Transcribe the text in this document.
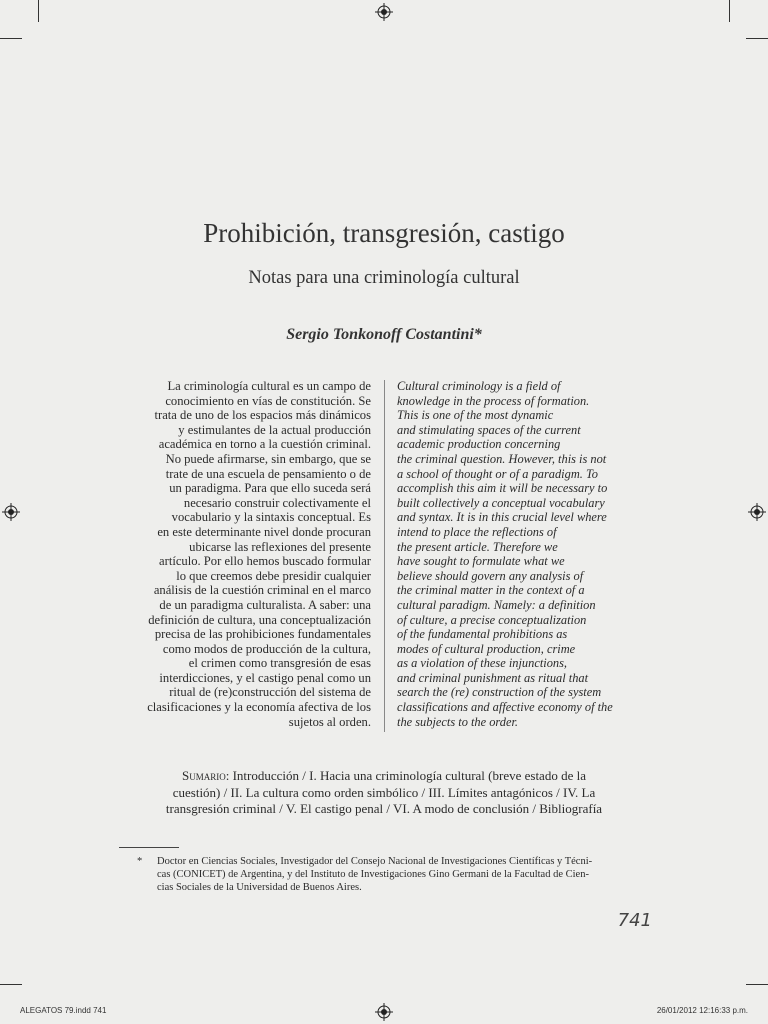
Prohibición, transgresión, castigo
Notas para una criminología cultural
Sergio Tonkonoff Costantini*
La criminología cultural es un campo de
conocimiento en vías de constitución. Se
trata de uno de los espacios más dinámicos
y estimulantes de la actual producción
académica en torno a la cuestión criminal.
No puede afirmarse, sin embargo, que se
trate de una escuela de pensamiento o de
un paradigma. Para que ello suceda será
necesario construir colectivamente el
vocabulario y la sintaxis conceptual. Es
en este determinante nivel donde procuran
ubicarse las reflexiones del presente
artículo. Por ello hemos buscado formular
lo que creemos debe presidir cualquier
análisis de la cuestión criminal en el marco
de un paradigma culturalista. A saber: una
definición de cultura, una conceptualización
precisa de las prohibiciones fundamentales
como modos de producción de la cultura,
el crimen como transgresión de esas
interdicciones, y el castigo penal como un
ritual de (re)construcción del sistema de
clasificaciones y la economía afectiva de los
sujetos al orden.
Cultural criminology is a field of
knowledge in the process of formation.
This is one of the most dynamic
and stimulating spaces of the current
academic production concerning
the criminal question. However, this is not
a school of thought or of a paradigm. To
accomplish this aim it will be necessary to
built collectively a conceptual vocabulary
and syntax. It is in this crucial level where
intend to place the reflections of
the present article. Therefore we
have sought to formulate what we
believe should govern any analysis of
the criminal matter in the context of a
cultural paradigm. Namely: a definition
of culture, a precise conceptualization
of the fundamental prohibitions as
modes of cultural production, crime
as a violation of these injunctions,
and criminal punishment as ritual that
search the (re) construction of the system
classifications and affective economy of the
the subjects to the order.
Sumario: Introducción / I. Hacia una criminología cultural (breve estado de la
cuestión) / II. La cultura como orden simbólico / III. Límites antagónicos / IV. La
transgresión criminal / V. El castigo penal / VI. A modo de conclusión / Bibliografía
* Doctor en Ciencias Sociales, Investigador del Consejo Nacional de Investigaciones Científicas y Técni-
cas (CONICET) de Argentina, y del Instituto de Investigaciones Gino Germani de la Facultad de Cien-
cias Sociales de la Universidad de Buenos Aires.
741
ALEGATOS 79.indd 741	26/01/2012 12:16:33 p.m.
